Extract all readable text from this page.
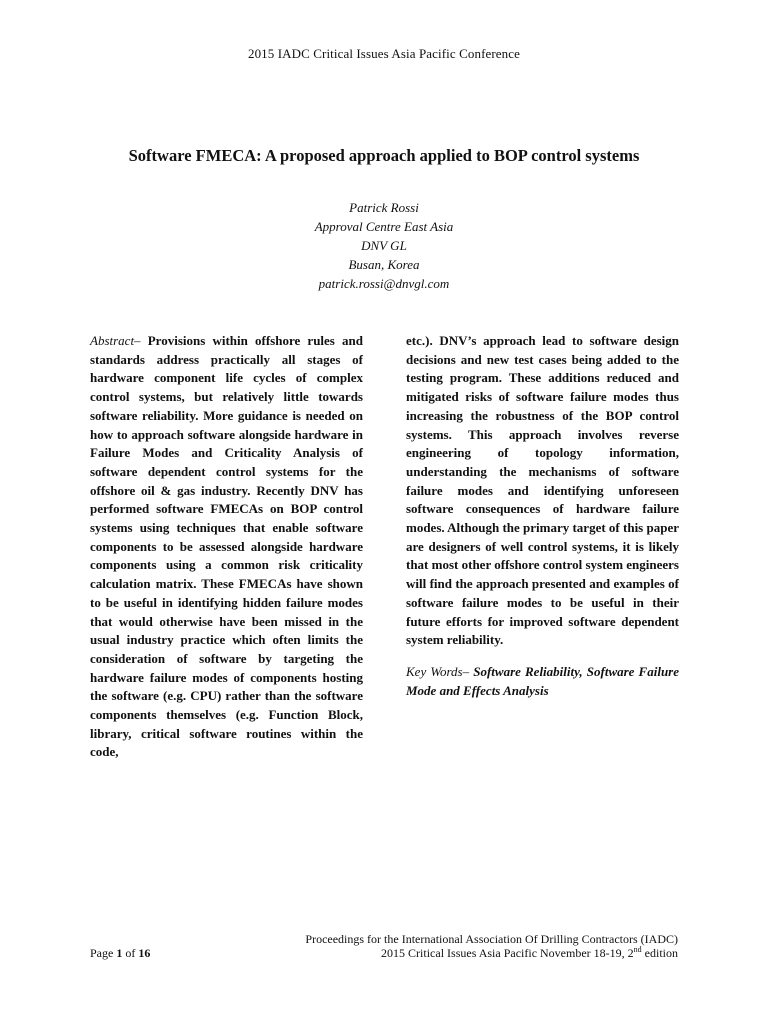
2015 IADC Critical Issues Asia Pacific Conference
Software FMECA: A proposed approach applied to BOP control systems
Patrick Rossi
Approval Centre East Asia
DNV GL
Busan, Korea
patrick.rossi@dnvgl.com

Abstract– Provisions within offshore rules and standards address practically all stages of hardware component life cycles of complex control systems, but relatively little towards software reliability. More guidance is needed on how to approach software alongside hardware in Failure Modes and Criticality Analysis of software dependent control systems for the offshore oil & gas industry. Recently DNV has performed software FMECAs on BOP control systems using techniques that enable software components to be assessed alongside hardware components using a common risk criticality calculation matrix. These FMECAs have shown to be useful in identifying hidden failure modes that would otherwise have been missed in the usual industry practice which often limits the consideration of software by targeting the hardware failure modes of components hosting the software (e.g. CPU) rather than the software components themselves (e.g. Function Block, library, critical software routines within the code,

etc.). DNV’s approach lead to software design decisions and new test cases being added to the testing program. These additions reduced and mitigated risks of software failure modes thus increasing the robustness of the BOP control systems. This approach involves reverse engineering of topology information, understanding the mechanisms of software failure modes and identifying unforeseen software consequences of hardware failure modes. Although the primary target of this paper are designers of well control systems, it is likely that most other offshore control system engineers will find the approach presented and examples of software failure modes to be useful in their future efforts for improved software dependent system reliability.

Key Words– Software Reliability, Software Failure Mode and Effects Analysis

Proceedings for the International Association Of Drilling Contractors (IADC)
2015 Critical Issues Asia Pacific November 18-19, 2nd edition
Page 1 of 16
